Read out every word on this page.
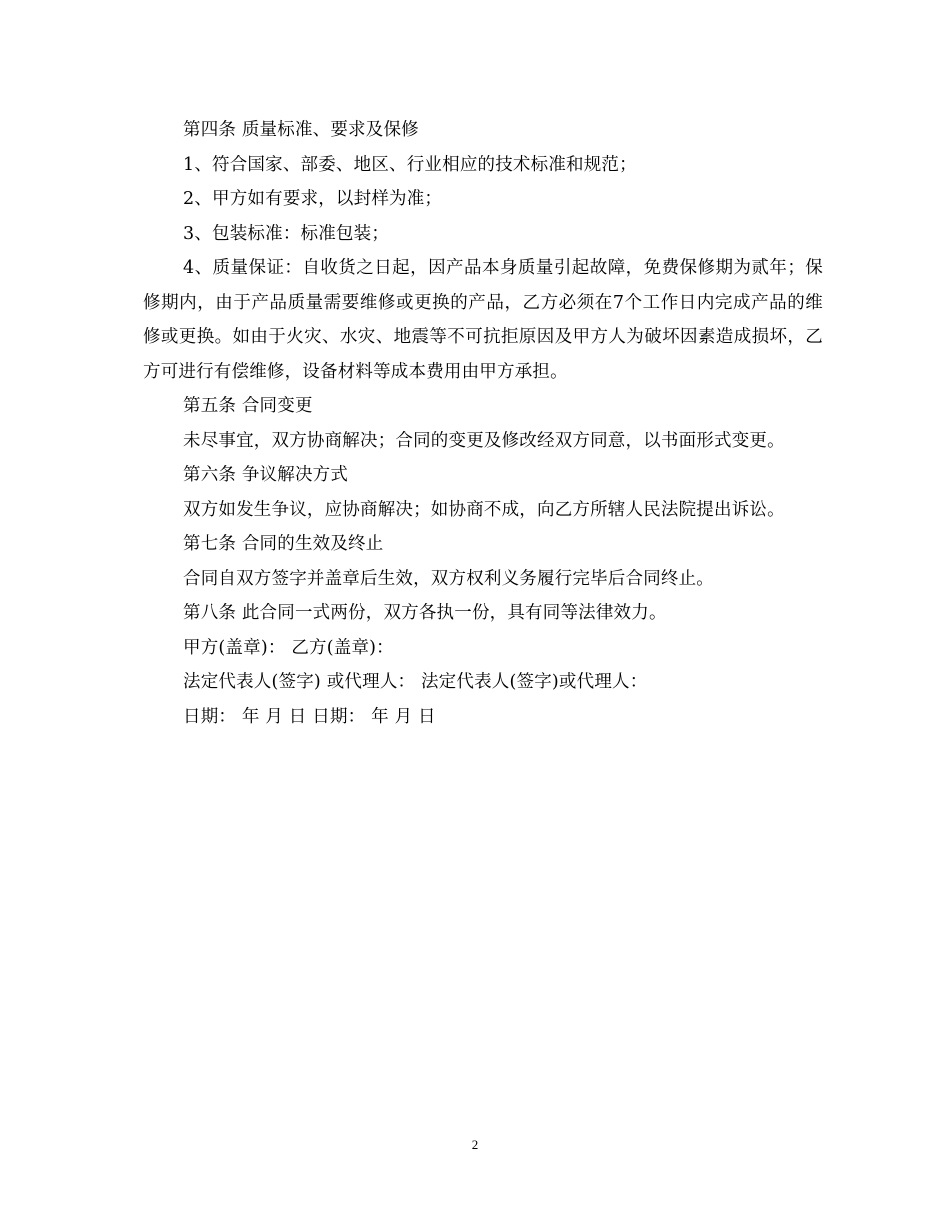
第四条 质量标准、要求及保修

1、符合国家、部委、地区、行业相应的技术标准和规范；

2、甲方如有要求，以封样为准；

3、包装标准：标准包装；

4、质量保证：自收货之日起，因产品本身质量引起故障，免费保修期为贰年；保修期内，由于产品质量需要维修或更换的产品，乙方必须在7个工作日内完成产品的维修或更换。如由于火灾、水灾、地震等不可抗拒原因及甲方人为破坏因素造成损坏，乙方可进行有偿维修，设备材料等成本费用由甲方承担。

第五条 合同变更

未尽事宜，双方协商解决；合同的变更及修改经双方同意，以书面形式变更。

第六条 争议解决方式

双方如发生争议，应协商解决；如协商不成，向乙方所辖人民法院提出诉讼。

第七条 合同的生效及终止

合同自双方签字并盖章后生效，双方权利义务履行完毕后合同终止。

第八条 此合同一式两份，双方各执一份，具有同等法律效力。

甲方(盖章)： 乙方(盖章)：

法定代表人(签字) 或代理人： 法定代表人(签字)或代理人：

日期： 年 月 日 日期： 年 月 日

2
